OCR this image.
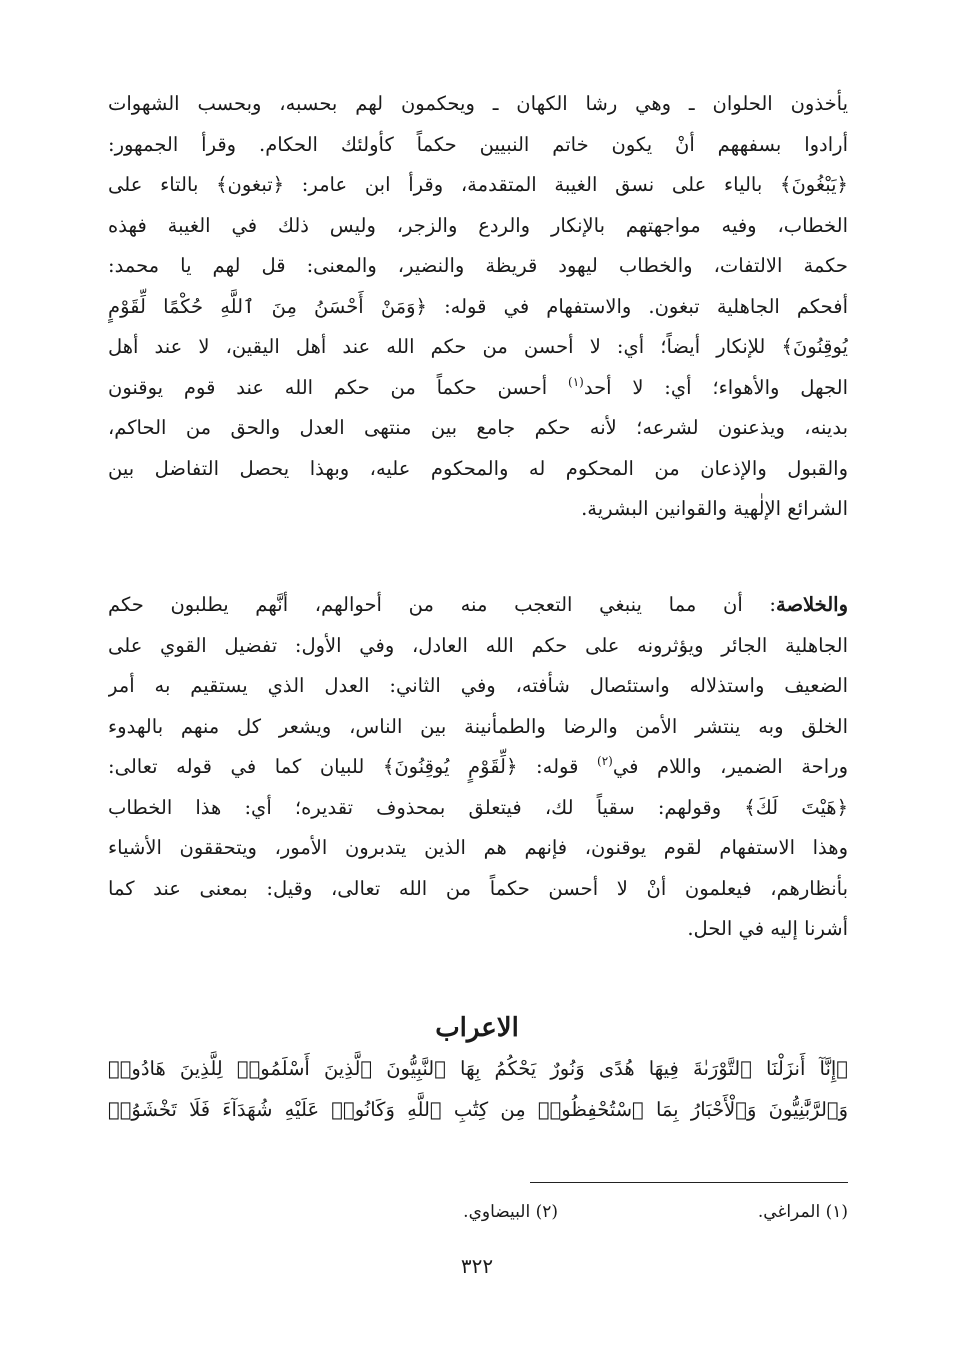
يأخذون الحلوان ـ وهي رشا الكهان ـ ويحكمون لهم بحسبه، وبحسب الشهوات
أرادوا بسفههم أنْ يكون خاتم النبيين حكماً كأولئك الحكام. وقرأ الجمهور:
﴿يَبْغُونَ﴾ بالياء على نسق الغيبة المتقدمة، وقرأ ابن عامر: ﴿تبغون﴾ بالتاء على
الخطاب، وفيه مواجهتهم بالإنكار والردع والزجر، وليس ذلك في الغيبة فهذه
حكمة الالتفات، والخطاب ليهود قريظة والنضير، والمعنى: قل لهم يا محمد:
أفحكم الجاهلية تبغون. والاستفهام في قوله: ﴿وَمَنْ أَحْسَنُ مِنَ ٱللَّهِ حُكْمًا لِّقَوْمٍ
يُوقِنُونَ﴾ للإنكار أيضاً؛ أي: لا أحسن من حكم الله عند أهل اليقين، لا عند أهل
الجهل والأهواء؛ أي: لا أحد$^{(١)}$ أحسن حكماً من حكم الله عند قوم يوقنون
بدينه، ويذعنون لشرعه؛ لأنه حكم جامع بين منتهى العدل والحق من الحاكم،
والقبول والإذعان من المحكوم له والمحكوم عليه، وبهذا يحصل التفاضل بين
الشرائع الإلٰهية والقوانين البشرية.
والخلاصة: أن مما ينبغي التعجب منه من أحوالهم، أنَّهم يطلبون حكم
الجاهلية الجائر ويؤثرونه على حكم الله العادل، وفي الأول: تفضيل القوي على
الضعيف واستذلاله واستئصال شأفته، وفي الثاني: العدل الذي يستقيم به أمر
الخلق وبه ينتشر الأمن والرضا والطمأنينة بين الناس، ويشعر كل منهم بالهدوء
وراحة الضمير، واللام في$^{(٢)}$ قوله: ﴿لِّقَوْمٍ يُوقِنُونَ﴾ للبيان كما في قوله تعالى:
﴿هَيْتَ لَكَ﴾ وقولهم: سقياً لك، فيتعلق بمحذوف تقديره؛ أي: هذا الخطاب
وهذا الاستفهام لقوم يوقنون، فإنهم هم الذين يتدبرون الأمور، ويتحققون الأشياء
بأنظارهم، فيعلمون أنْ لا أحسن حكماً من الله تعالى، وقيل: بمعنى عند كما
أشرنا إليه في الحل.
الاعراب
﴿إِنَّآ أَنزَلْنَا ٱلتَّوْرَىٰةَ فِيهَا هُدًى وَنُورٌ يَحْكُمُ بِهَا ٱلنَّبِيُّونَ ٱلَّذِينَ أَسْلَمُوا۟ لِلَّذِينَ هَادُوا۟
وَٱلرَّبَّٰنِيُّونَ وَٱلْأَحْبَارُ بِمَا ٱسْتُحْفِظُوا۟ مِن كِتَٰبِ ٱللَّهِ وَكَانُوا۟ عَلَيْهِ شُهَدَآءَ فَلَا تَخْشَوُا۟
(١) المراغي.
(٢) البيضاوي.
٣٢٢
